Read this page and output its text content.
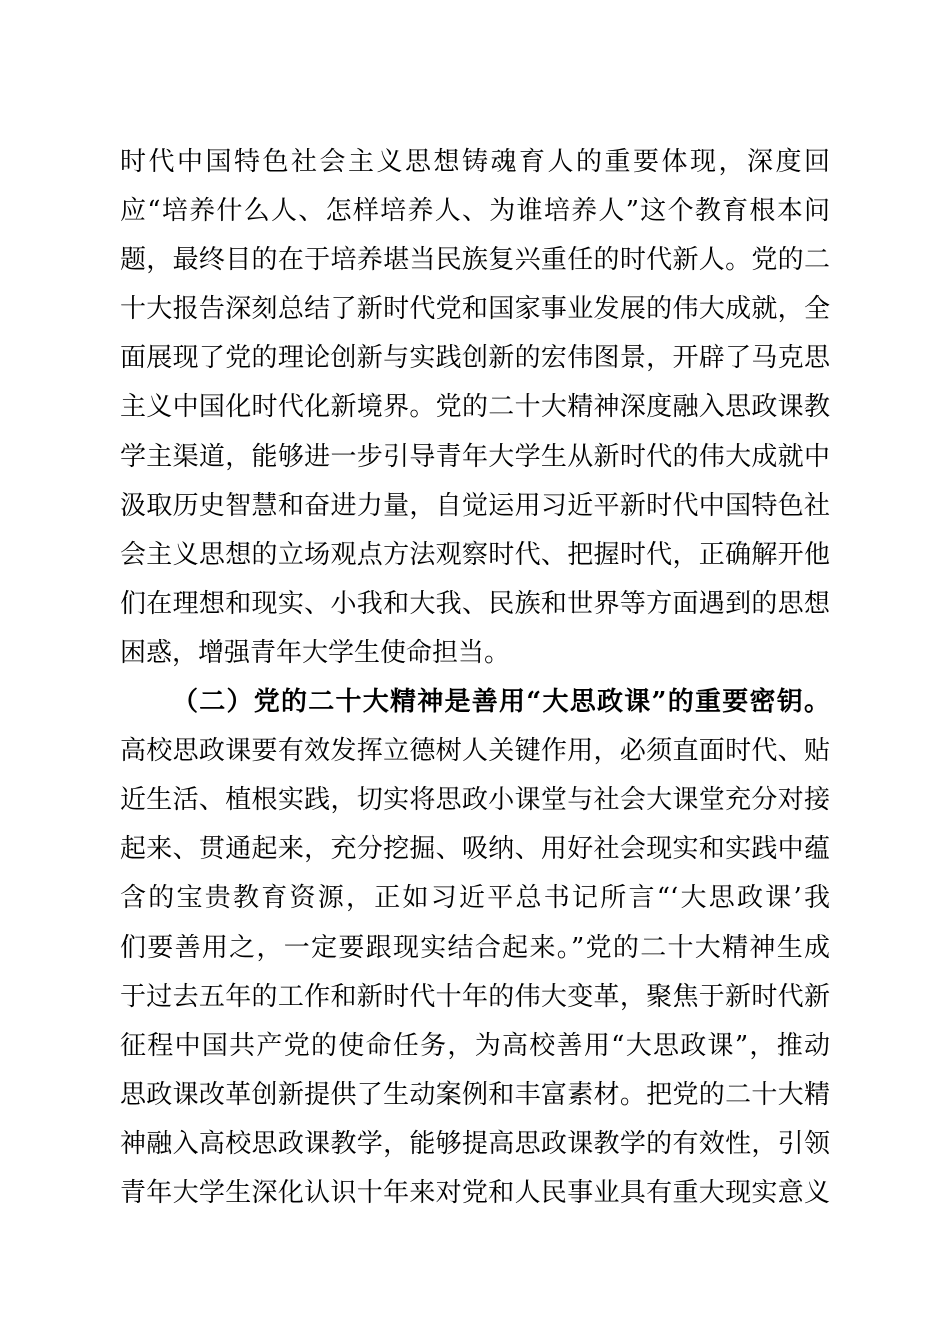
时代中国特色社会主义思想铸魂育人的重要体现，深度回
应“培养什么人、怎样培养人、为谁培养人”这个教育根本问
题，最终目的在于培养堪当民族复兴重任的时代新人。党的二
十大报告深刻总结了新时代党和国家事业发展的伟大成就，全
面展现了党的理论创新与实践创新的宏伟图景，开辟了马克思
主义中国化时代化新境界。党的二十大精神深度融入思政课教
学主渠道，能够进一步引导青年大学生从新时代的伟大成就中
汲取历史智慧和奋进力量，自觉运用习近平新时代中国特色社
会主义思想的立场观点方法观察时代、把握时代，正确解开他
们在理想和现实、小我和大我、民族和世界等方面遇到的思想
困惑，增强青年大学生使命担当。
（二）党的二十大精神是善用“大思政课”的重要密钥。
高校思政课要有效发挥立德树人关键作用，必须直面时代、贴
近生活、植根实践，切实将思政小课堂与社会大课堂充分对接
起来、贯通起来，充分挖掘、吸纳、用好社会现实和实践中蕴
含的宝贵教育资源，正如习近平总书记所言“‘大思政课’我
们要善用之，一定要跟现实结合起来。”党的二十大精神生成
于过去五年的工作和新时代十年的伟大变革，聚焦于新时代新
征程中国共产党的使命任务，为高校善用“大思政课”，推动
思政课改革创新提供了生动案例和丰富素材。把党的二十大精
神融入高校思政课教学，能够提高思政课教学的有效性，引领
青年大学生深化认识十年来对党和人民事业具有重大现实意义
